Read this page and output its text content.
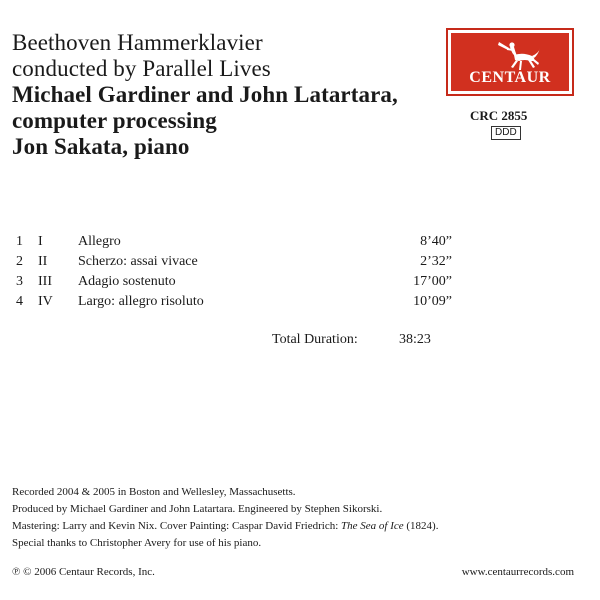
Beethoven Hammerklavier
conducted by Parallel Lives
Michael Gardiner and John Latartara,
computer processing
Jon Sakata, piano
CENTAUR
CRC 2855
DDD
1 I	Allegro	8’40”
2 II Scherzo: assai vivace	2’32”
3 III Adagio sostenuto	17’00”
4 IV Largo: allegro risoluto	10’09”
Total Duration:	38:23
Recorded 2004 & 2005 in Boston and Wellesley, Massachusetts.
Produced by Michael Gardiner and John Latartara. Engineered by Stephen Sikorski.
Mastering: Larry and Kevin Nix. Cover Painting: Caspar David Friedrich: The Sea of Ice (1824).
Special thanks to Christopher Avery for use of his piano.
℗ © 2006 Centaur Records, Inc.	www.centaurrecords.com
